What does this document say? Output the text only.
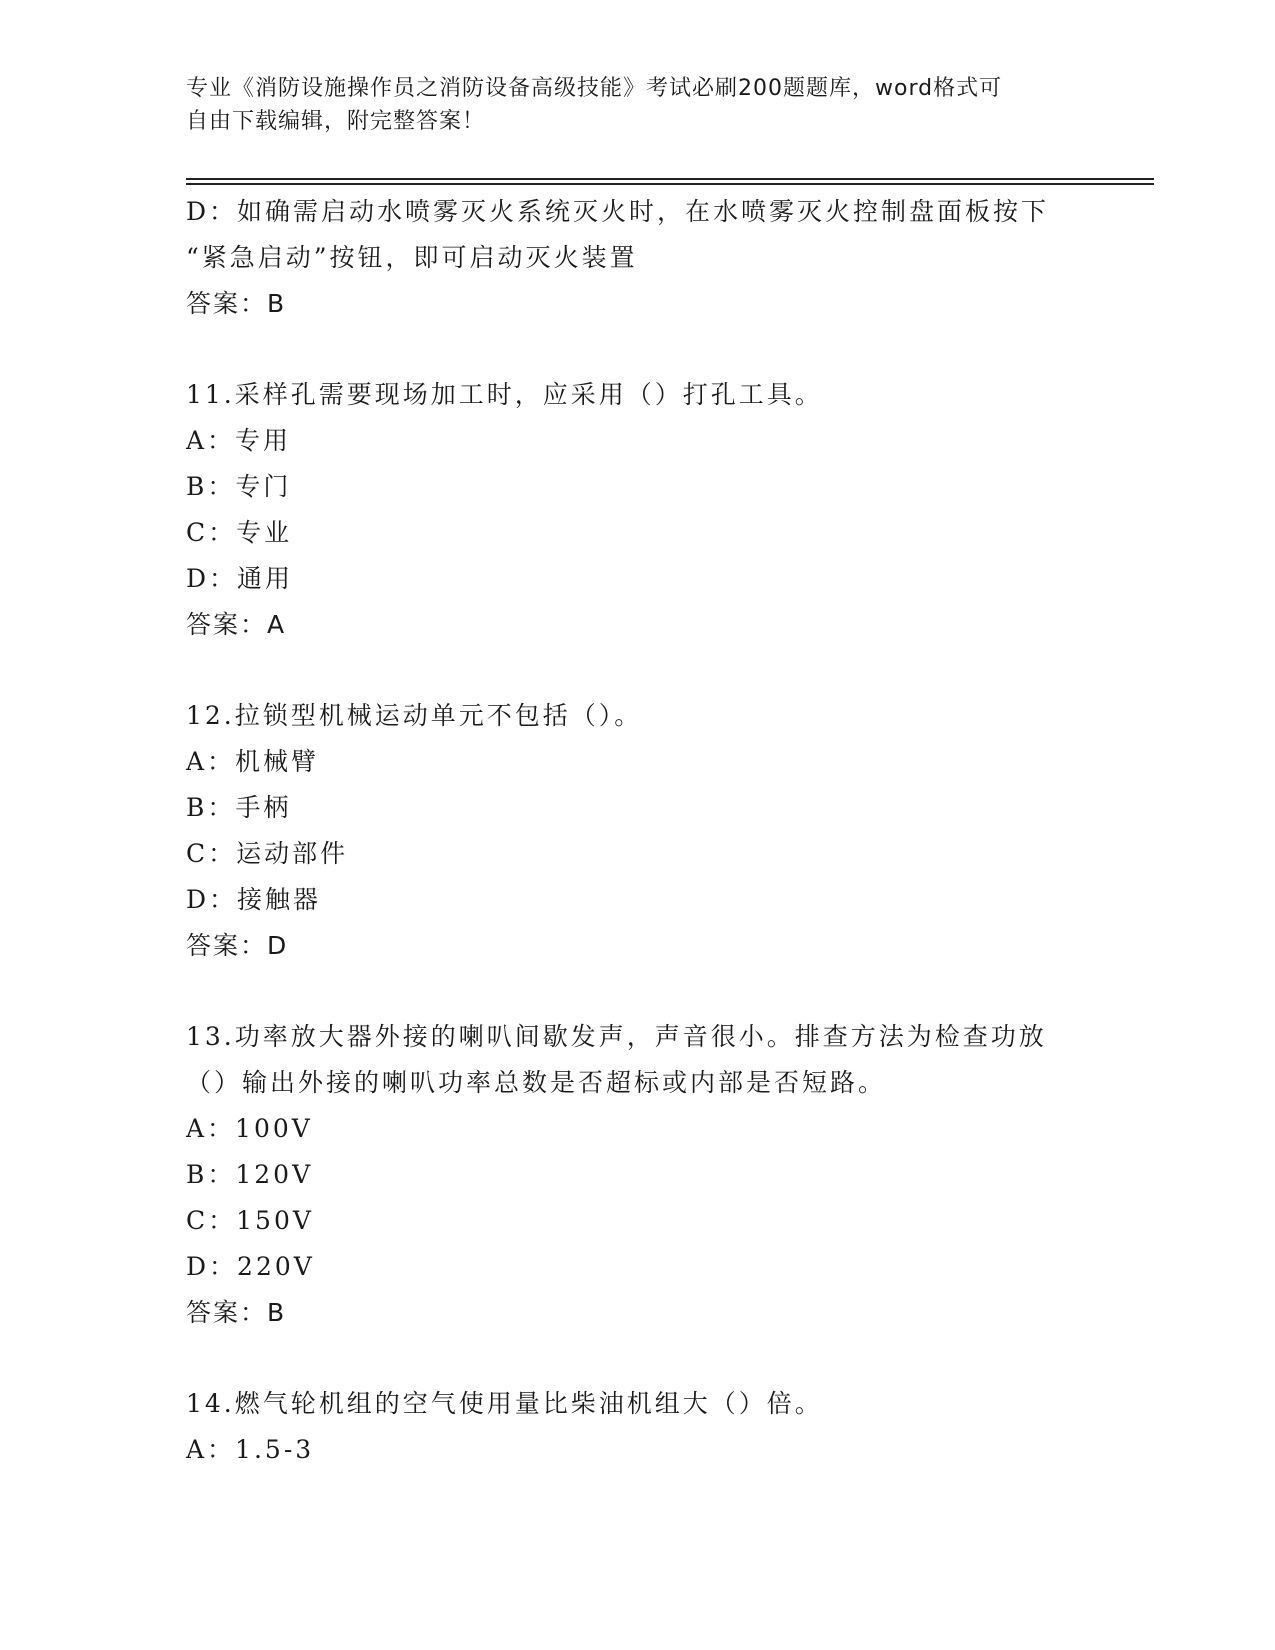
专业《消防设施操作员之消防设备高级技能》考试必刷200题题库，word格式可
自由下载编辑，附完整答案！
D：如确需启动水喷雾灭火系统灭火时，在水喷雾灭火控制盘面板按下
“紧急启动”按钮，即可启动灭火装置
答案：B
11.采样孔需要现场加工时，应采用（）打孔工具。
A：专用
B：专门
C：专业
D：通用
答案：A
12.拉锁型机械运动单元不包括（）。
A：机械臂
B：手柄
C：运动部件
D：接触器
答案：D
13.功率放大器外接的喇叭间歇发声，声音很小。排查方法为检查功放
（）输出外接的喇叭功率总数是否超标或内部是否短路。
A：100V
B：120V
C：150V
D：220V
答案：B
14.燃气轮机组的空气使用量比柴油机组大（）倍。
A：1.5-3
